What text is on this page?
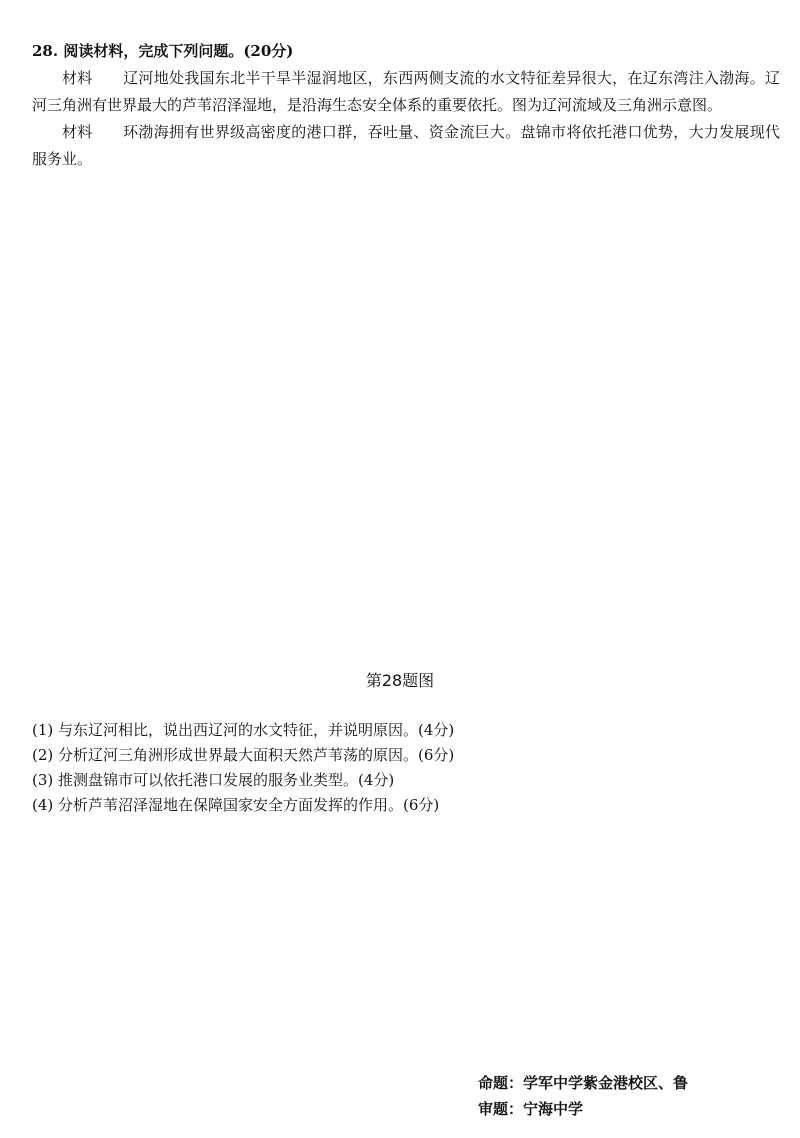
28. 阅读材料，完成下列问题。(20分)
材料　　辽河地处我国东北半干旱半湿润地区，东西两侧支流的水文特征差异很大，在辽东湾注入渤海。辽河三角洲有世界最大的芦苇沼泽湿地，是沿海生态安全体系的重要依托。图为辽河流域及三角洲示意图。
材料　　环渤海拥有世界级高密度的港口群，吞吐量、资金流巨大。盘锦市将依托港口优势，大力发展现代服务业。
第28题图
(1) 与东辽河相比，说出西辽河的水文特征，并说明原因。(4分)
(2) 分析辽河三角洲形成世界最大面积天然芦苇荡的原因。(6分)
(3) 推测盘锦市可以依托港口发展的服务业类型。(4分)
(4) 分析芦苇沼泽湿地在保障国家安全方面发挥的作用。(6分)
命题：学军中学紫金港校区、鲁
审题：宁海中学
